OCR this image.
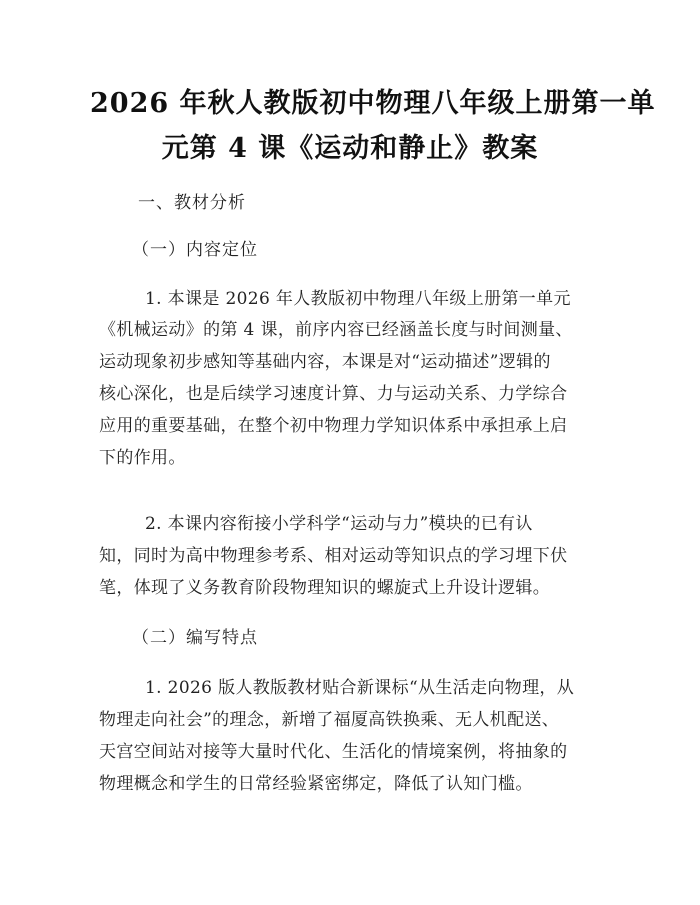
2026 年秋人教版初中物理八年级上册第一单
元第 4 课《运动和静止》教案
一、教材分析
（一）内容定位
1. 本课是 2026 年人教版初中物理八年级上册第一单元
《机械运动》的第 4 课，前序内容已经涵盖长度与时间测量、
运动现象初步感知等基础内容，本课是对“运动描述”逻辑的
核心深化，也是后续学习速度计算、力与运动关系、力学综合
应用的重要基础，在整个初中物理力学知识体系中承担承上启
下的作用。
2. 本课内容衔接小学科学“运动与力”模块的已有认
知，同时为高中物理参考系、相对运动等知识点的学习埋下伏
笔，体现了义务教育阶段物理知识的螺旋式上升设计逻辑。
（二）编写特点
1. 2026 版人教版教材贴合新课标“从生活走向物理，从
物理走向社会”的理念，新增了福厦高铁换乘、无人机配送、
天宫空间站对接等大量时代化、生活化的情境案例，将抽象的
物理概念和学生的日常经验紧密绑定，降低了认知门槛。
